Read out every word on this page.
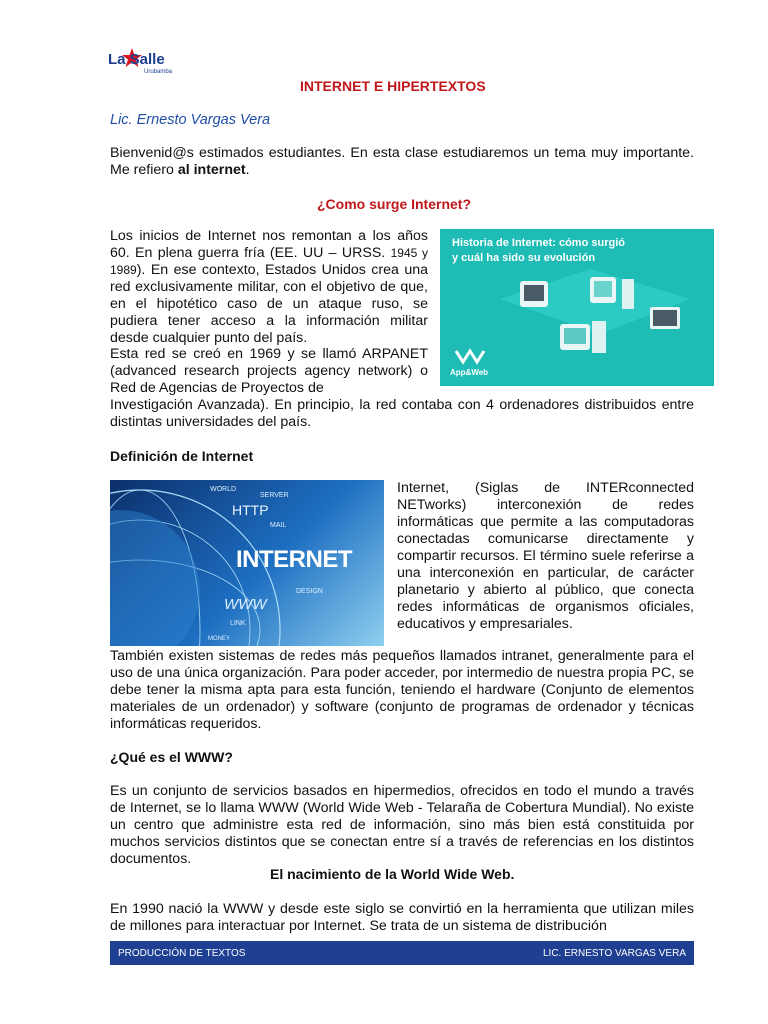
La Salle
Urubamba
INTERNET E HIPERTEXTOS
Lic. Ernesto Vargas Vera

Bienvenid@s estimados estudiantes. En esta clase estudiaremos un tema muy importante. Me refiero al internet.

¿Como surge Internet?

Los inicios de Internet nos remontan a los años 60. En plena guerra fría (EE. UU – URSS. 1945 y 1989). En ese contexto, Estados Unidos crea una red exclusivamente militar, con el objetivo de que, en el hipotético caso de un ataque ruso, se pudiera tener acceso a la información militar desde cualquier punto del país.

Esta red se creó en 1969 y se llamó ARPANET (advanced research projects agency network) o Red de Agencias de Proyectos de

Investigación Avanzada). En principio, la red contaba con 4 ordenadores distribuidos entre distintas universidades del país.

Historia de Internet: cómo surgió
y cuál ha sido su evolución
App&Web
Definición de Internet
INTERNET
HTTP
WWW
WORLD
SERVER
MAIL
DESIGN
LINK
MONEY

Internet, (Siglas de INTERconnected NETworks) interconexión de redes informáticas que permite a las computadoras conectadas comunicarse directamente y compartir recursos. El término suele referirse a una interconexión en particular, de carácter planetario y abierto al público, que conecta redes informáticas de organismos oficiales, educativos y empresariales.

También existen sistemas de redes más pequeños llamados intranet, generalmente para el uso de una única organización. Para poder acceder, por intermedio de nuestra propia PC, se debe tener la misma apta para esta función, teniendo el hardware (Conjunto de elementos materiales de un ordenador) y software (conjunto de programas de ordenador y técnicas informáticas requeridos.

¿Qué es el WWW?

Es un conjunto de servicios basados en hipermedios, ofrecidos en todo el mundo a través de Internet, se lo llama WWW (World Wide Web - Telaraña de Cobertura Mundial). No existe un centro que administre esta red de información, sino más bien está constituida por muchos servicios distintos que se conectan entre sí a través de referencias en los distintos documentos.

El nacimiento de la World Wide Web.

En 1990 nació la WWW y desde este siglo se convirtió en la herramienta que utilizan miles de millones para interactuar por Internet. Se trata de un sistema de distribución

PRODUCCIÓN DE TEXTOS	LIC. ERNESTO VARGAS VERA
